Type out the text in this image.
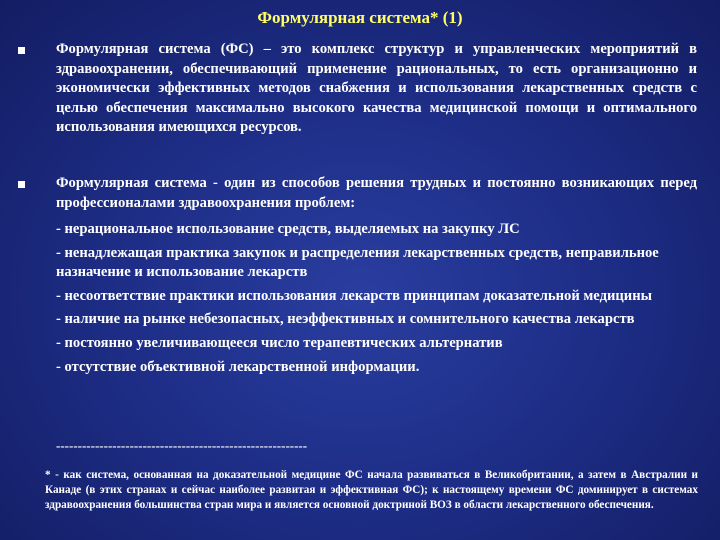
Формулярная система* (1)
Формулярная система (ФС) – это комплекс структур и управленческих мероприятий в здравоохранении, обеспечивающий применение рациональных, то есть организационно и экономически эффективных методов снабжения и использования лекарственных средств с целью обеспечения максимально высокого качества медицинской помощи и оптимального использования имеющихся ресурсов.
Формулярная система - один из способов решения трудных и постоянно возникающих перед профессионалами здравоохранения проблем:
- нерациональное использование средств, выделяемых на закупку ЛС
- ненадлежащая практика закупок и распределения лекарственных средств, неправильное назначение и использование лекарств
- несоответствие практики использования лекарств принципам доказательной медицины
- наличие на рынке небезопасных, неэффективных и сомнительного качества лекарств
- постоянно увеличивающееся число терапевтических альтернатив
- отсутствие объективной лекарственной информации.
----------------------------------------------------------
* - как система, основанная на доказательной медицине ФС начала развиваться в Великобритании, а затем в Австралии и Канаде (в этих странах и сейчас наиболее развитая и эффективная ФС); к настоящему времени ФС доминирует в системах здравоохранения большинства стран мира и является основной доктриной ВОЗ в области лекарственного обеспечения.
